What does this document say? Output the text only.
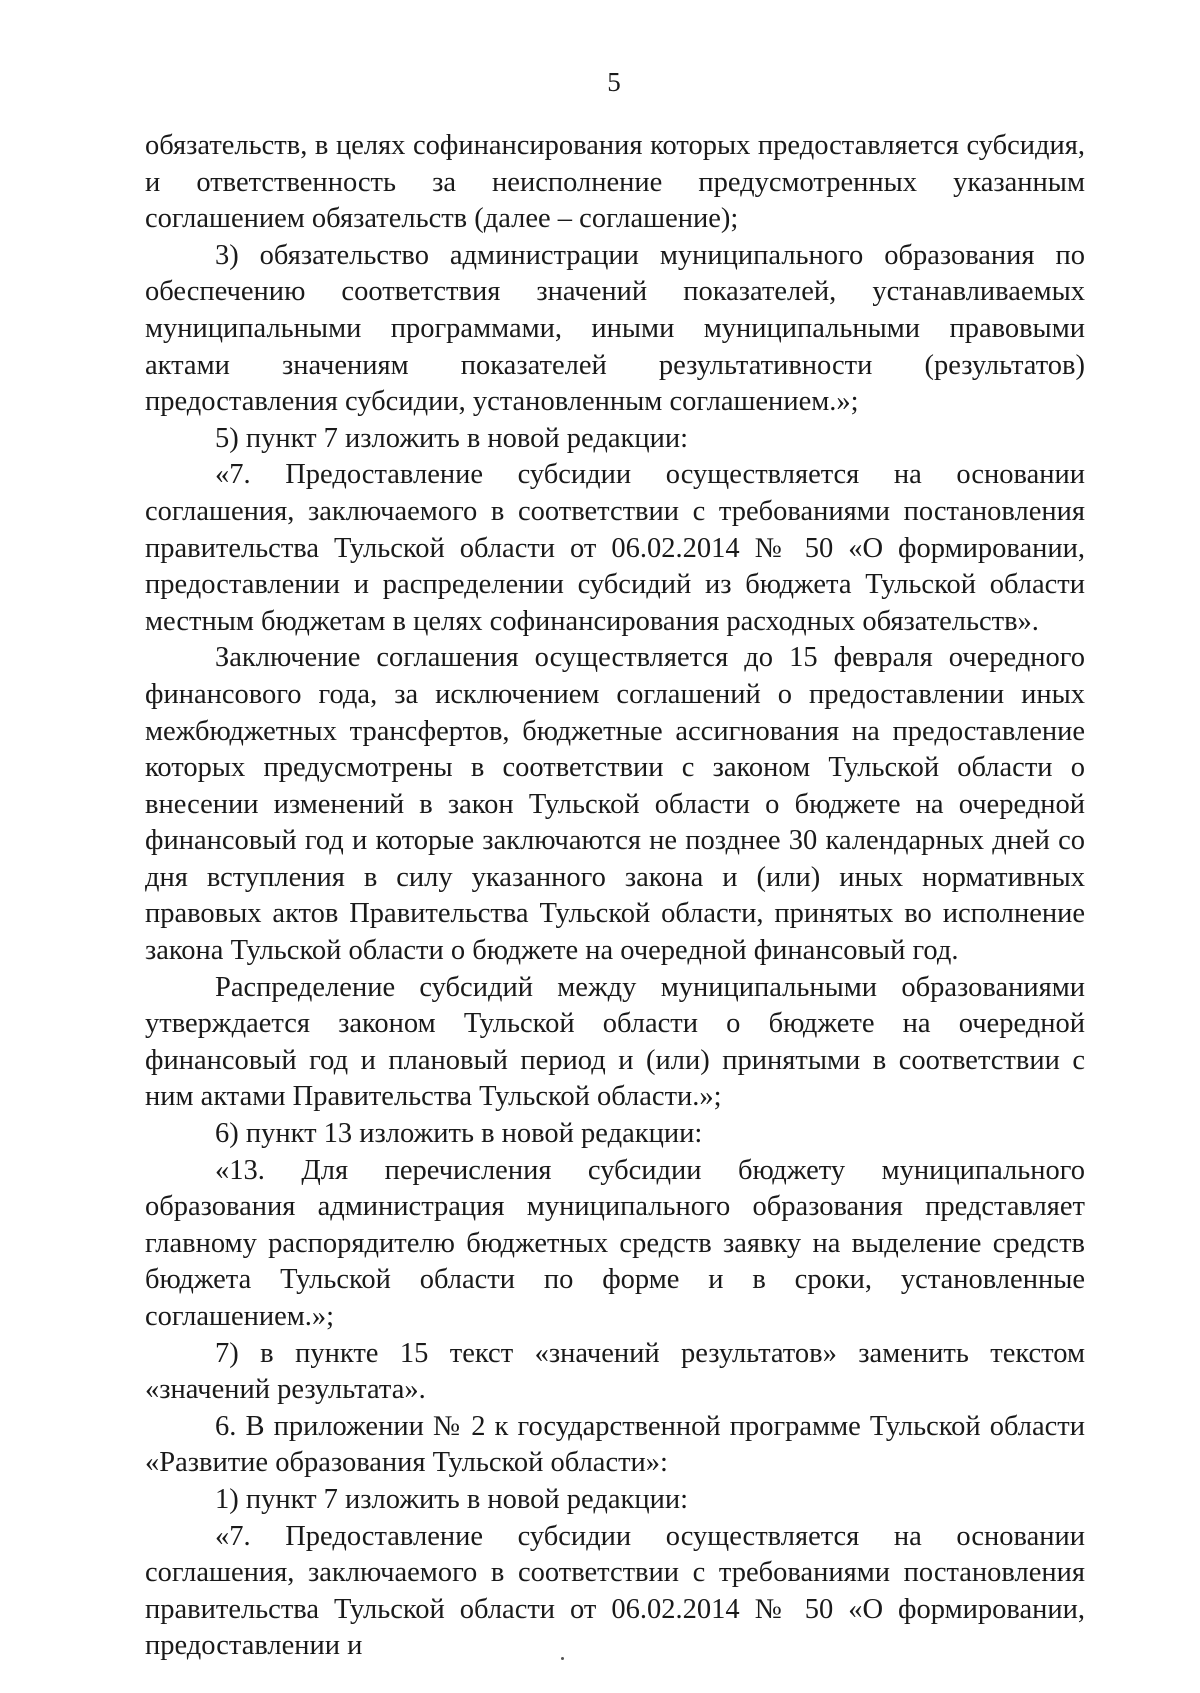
5

обязательств, в целях софинансирования которых предоставляется субсидия, и ответственность за неисполнение предусмотренных указанным соглашением обязательств (далее – соглашение);

3) обязательство администрации муниципального образования по обеспечению соответствия значений показателей, устанавливаемых муниципальными программами, иными муниципальными правовыми актами значениям показателей результативности (результатов) предоставления субсидии, установленным соглашением.»;

5) пункт 7 изложить в новой редакции:

«7. Предоставление субсидии осуществляется на основании соглашения, заключаемого в соответствии с требованиями постановления правительства Тульской области от 06.02.2014 № 50 «О формировании, предоставлении и распределении субсидий из бюджета Тульской области местным бюджетам в целях софинансирования расходных обязательств».

Заключение соглашения осуществляется до 15 февраля очередного финансового года, за исключением соглашений о предоставлении иных межбюджетных трансфертов, бюджетные ассигнования на предоставление которых предусмотрены в соответствии с законом Тульской области о внесении изменений в закон Тульской области о бюджете на очередной финансовый год и которые заключаются не позднее 30 календарных дней со дня вступления в силу указанного закона и (или) иных нормативных правовых актов Правительства Тульской области, принятых во исполнение закона Тульской области о бюджете на очередной финансовый год.

Распределение субсидий между муниципальными образованиями утверждается законом Тульской области о бюджете на очередной финансовый год и плановый период и (или) принятыми в соответствии с ним актами Правительства Тульской области.»;

6) пункт 13 изложить в новой редакции:

«13. Для перечисления субсидии бюджету муниципального образования администрация муниципального образования представляет главному распорядителю бюджетных средств заявку на выделение средств бюджета Тульской области по форме и в сроки, установленные соглашением.»;

7) в пункте 15 текст «значений результатов» заменить текстом «значений результата».

6. В приложении № 2 к государственной программе Тульской области «Развитие образования Тульской области»:

1) пункт 7 изложить в новой редакции:

«7. Предоставление субсидии осуществляется на основании соглашения, заключаемого в соответствии с требованиями постановления правительства Тульской области от 06.02.2014 № 50 «О формировании, предоставлении и
